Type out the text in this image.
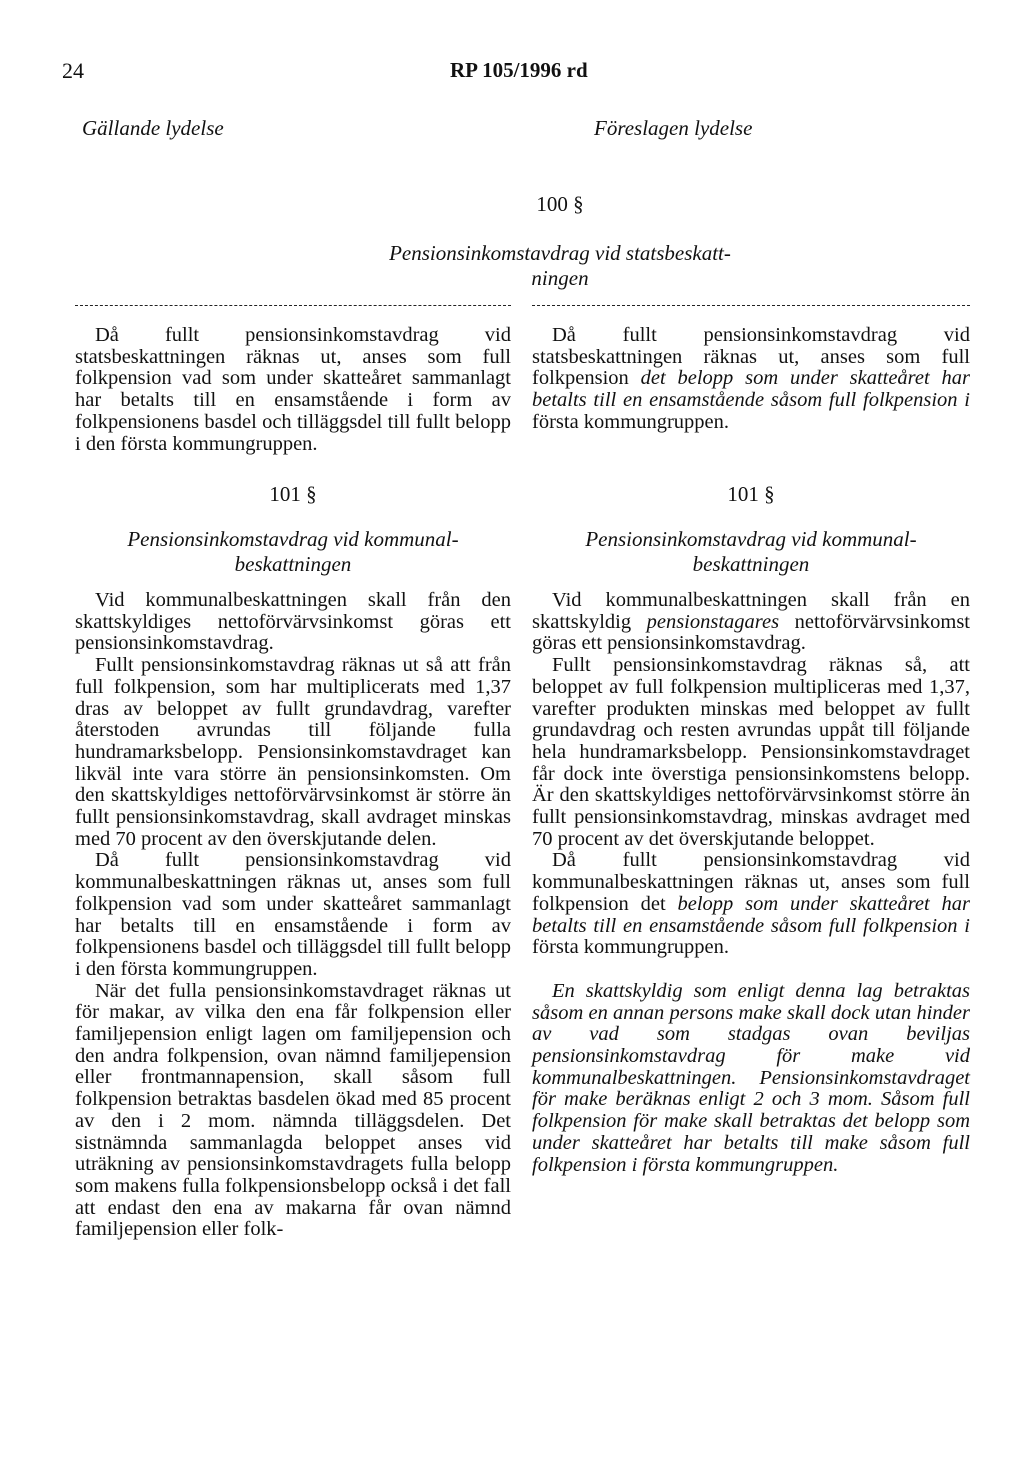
24	RP 105/1996 rd
Gällande lydelse	Föreslagen lydelse
100 §
Pensionsinkomstavdrag vid statsbeskatt-
ningen

Då fullt pensionsinkomstavdrag vid statsbeskattningen räknas ut, anses som full folkpension vad som under skatteåret sammanlagt har betalts till en ensamstående i form av folkpensionens basdel och tilläggsdel till fullt belopp i den första kommungruppen.

Då fullt pensionsinkomstavdrag vid statsbeskattningen räknas ut, anses som full folkpension det belopp som under skatteåret har betalts till en ensamstående såsom full folkpension i första kommungruppen.

101 §	101 §
Pensionsinkomstavdrag vid kommunal-
beskattningen
Pensionsinkomstavdrag vid kommunal-
beskattningen

Vid kommunalbeskattningen skall från den skattskyldiges nettoförvärvsinkomst göras ett pensionsinkomstavdrag.

Fullt pensionsinkomstavdrag räknas ut så att från full folkpension, som har multiplicerats med 1,37 dras av beloppet av fullt grundavdrag, varefter återstoden avrundas till följande fulla hundramarksbelopp. Pensionsinkomstavdraget kan likväl inte vara större än pensionsinkomsten. Om den skattskyldiges nettoförvärvsinkomst är större än fullt pensionsinkomstavdrag, skall avdraget minskas med 70 procent av den överskjutande delen.

Då fullt pensionsinkomstavdrag vid kommunalbeskattningen räknas ut, anses som full folkpension vad som under skatteåret sammanlagt har betalts till en ensamstående i form av folkpensionens basdel och tilläggsdel till fullt belopp i den första kommungruppen.

När det fulla pensionsinkomstavdraget räknas ut för makar, av vilka den ena får folkpension eller familjepension enligt lagen om familjepension och den andra folkpension, ovan nämnd familjepension eller frontmannapension, skall såsom full folkpension betraktas basdelen ökad med 85 procent av den i 2 mom. nämnda tilläggsdelen. Det sistnämnda sammanlagda beloppet anses vid uträkning av pensionsinkomstavdragets fulla belopp som makens fulla folkpensionsbelopp också i det fall att endast den ena av makarna får ovan nämnd familjepension eller folk-

Vid kommunalbeskattningen skall från en skattskyldig pensionstagares nettoförvärvsinkomst göras ett pensionsinkomstavdrag.

Fullt pensionsinkomstavdrag räknas så, att beloppet av full folkpension multipliceras med 1,37, varefter produkten minskas med beloppet av fullt grundavdrag och resten avrundas uppåt till följande hela hundramarksbelopp. Pensionsinkomstavdraget får dock inte överstiga pensionsinkomstens belopp. Är den skattskyldiges nettoförvärvsinkomst större än fullt pensionsinkomstavdrag, minskas avdraget med 70 procent av det överskjutande beloppet.

Då fullt pensionsinkomstavdrag vid kommunalbeskattningen räknas ut, anses som full folkpension det belopp som under skatteåret har betalts till en ensamstående såsom full folkpension i första kommungruppen.

En skattskyldig som enligt denna lag betraktas såsom en annan persons make skall dock utan hinder av vad som stadgas ovan beviljas pensionsinkomstavdrag för make vid kommunalbeskattningen. Pensionsinkomstavdraget för make beräknas enligt 2 och 3 mom. Såsom full folkpension för make skall betraktas det belopp som under skatteåret har betalts till make såsom full folkpension i första kommungruppen.
